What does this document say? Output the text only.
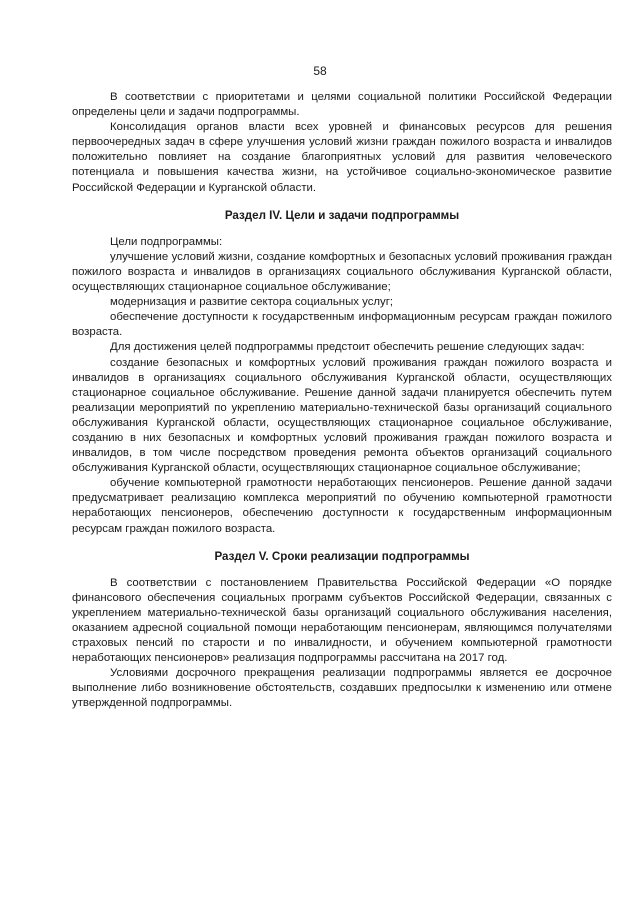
58

В соответствии с приоритетами и целями социальной политики Российской Федерации определены цели и задачи подпрограммы.

Консолидация органов власти всех уровней и финансовых ресурсов для решения первоочередных задач в сфере улучшения условий жизни граждан пожилого возраста и инвалидов положительно повлияет на создание благоприятных условий для развития человеческого потенциала и повышения качества жизни, на устойчивое социально-экономическое развитие Российской Федерации и Курганской области.

Раздел IV. Цели и задачи подпрограммы

Цели подпрограммы:

улучшение условий жизни, создание комфортных и безопасных условий проживания граждан пожилого возраста и инвалидов в организациях социального обслуживания Курганской области, осуществляющих стационарное социальное обслуживание;

модернизация и развитие сектора социальных услуг;

обеспечение доступности к государственным информационным ресурсам граждан пожилого возраста.

Для достижения целей подпрограммы предстоит обеспечить решение следующих задач:

создание безопасных и комфортных условий проживания граждан пожилого возраста и инвалидов в организациях социального обслуживания Курганской области, осуществляющих стационарное социальное обслуживание. Решение данной задачи планируется обеспечить путем реализации мероприятий по укреплению материально-технической базы организаций социального обслуживания Курганской области, осуществляющих стационарное социальное обслуживание, созданию в них безопасных и комфортных условий проживания граждан пожилого возраста и инвалидов, в том числе посредством проведения ремонта объектов организаций социального обслуживания Курганской области, осуществляющих стационарное социальное обслуживание;

обучение компьютерной грамотности неработающих пенсионеров. Решение данной задачи предусматривает реализацию комплекса мероприятий по обучению компьютерной грамотности неработающих пенсионеров, обеспечению доступности к государственным информационным ресурсам граждан пожилого возраста.

Раздел V. Сроки реализации подпрограммы

В соответствии с постановлением Правительства Российской Федерации «О порядке финансового обеспечения социальных программ субъектов Российской Федерации, связанных с укреплением материально-технической базы организаций социального обслуживания населения, оказанием адресной социальной помощи неработающим пенсионерам, являющимся получателями страховых пенсий по старости и по инвалидности, и обучением компьютерной грамотности неработающих пенсионеров» реализация подпрограммы рассчитана на 2017 год.

Условиями досрочного прекращения реализации подпрограммы является ее досрочное выполнение либо возникновение обстоятельств, создавших предпосылки к изменению или отмене утвержденной подпрограммы.
